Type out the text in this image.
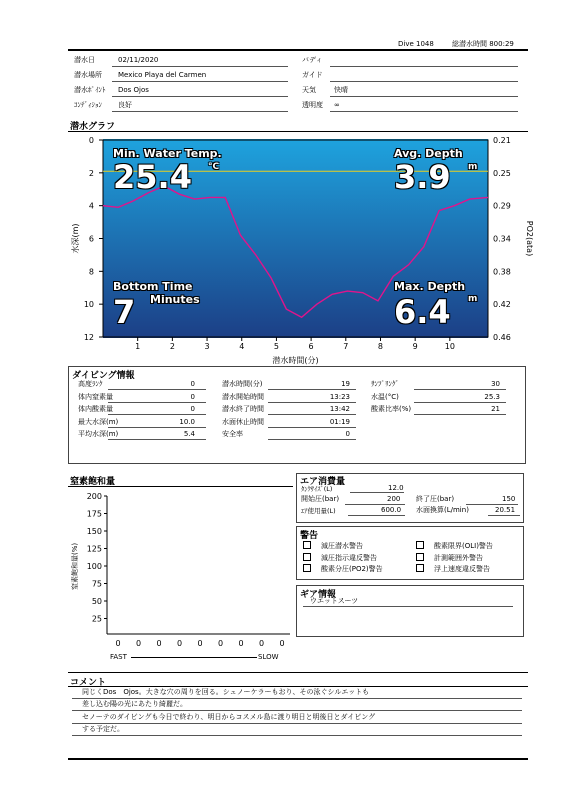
Dive 1048	総潜水時間 800:29
潜水日	02/11/2020
潜水場所 Mexico Playa del Carmen
潜水ﾎﾟｲﾝﾄ Dos Ojos
ｺﾝﾃﾞｨｼｮﾝ 良好
バディ
ガイド
天気	快晴
透明度 ∞
潜水グラフ
0
2
4
6
8
10
12
0.21
0.25
0.29
0.34
0.38
0.42
0.46
1	2	3	4	5	6	7	8	9	10
水深(m)	PO2(ata)
潜水時間(分)
Min. Water Temp.
25.4 °C
Avg. Depth
3.9 m
Bottom Time
Minutes
7
Max. Depth
6.4 m
ダイビング情報
高度ﾗﾝｸ	0
体内窒素量	0
体内酸素量	0
最大水深(m)	10.0
平均水深(m)	5.4
潜水時間(分)	19
潜水開始時間	13:23
潜水終了時間	13:42
水面休止時間	01:19
安全率	0
ｻﾝﾌﾟﾘﾝｸﾞ	30
水温(°C)	25.3
酸素比率(%)	21
窒素飽和量
窒素飽和量(%)
200
175
150
125
100
75
50
25
0 0 0 0 0 0 0 0 0
FAST	SLOW
エア消費量
ﾀﾝｸｻｲｽﾞ(L)	12.0
開始圧(bar)	200 終了圧(bar)	150
ｴｱ使用量(L)	600.0 水面換算(L/min)	20.51
警告
減圧潜水警告	酸素限界(OLI)警告
減圧指示違反警告	計測範囲外警告
酸素分圧(PO2)警告	浮上速度違反警告
ギア情報
ウエットスーツ
コメント
同じくDos　Ojos。大きな穴の周りを回る。シュノーケラーもおり、その泳ぐシルエットも
差し込む陽の光にあたり綺麗だ。
セノーテのダイビングも今日で終わり、明日からコスメル島に渡り明日と明後日とダイビング
する予定だ。
